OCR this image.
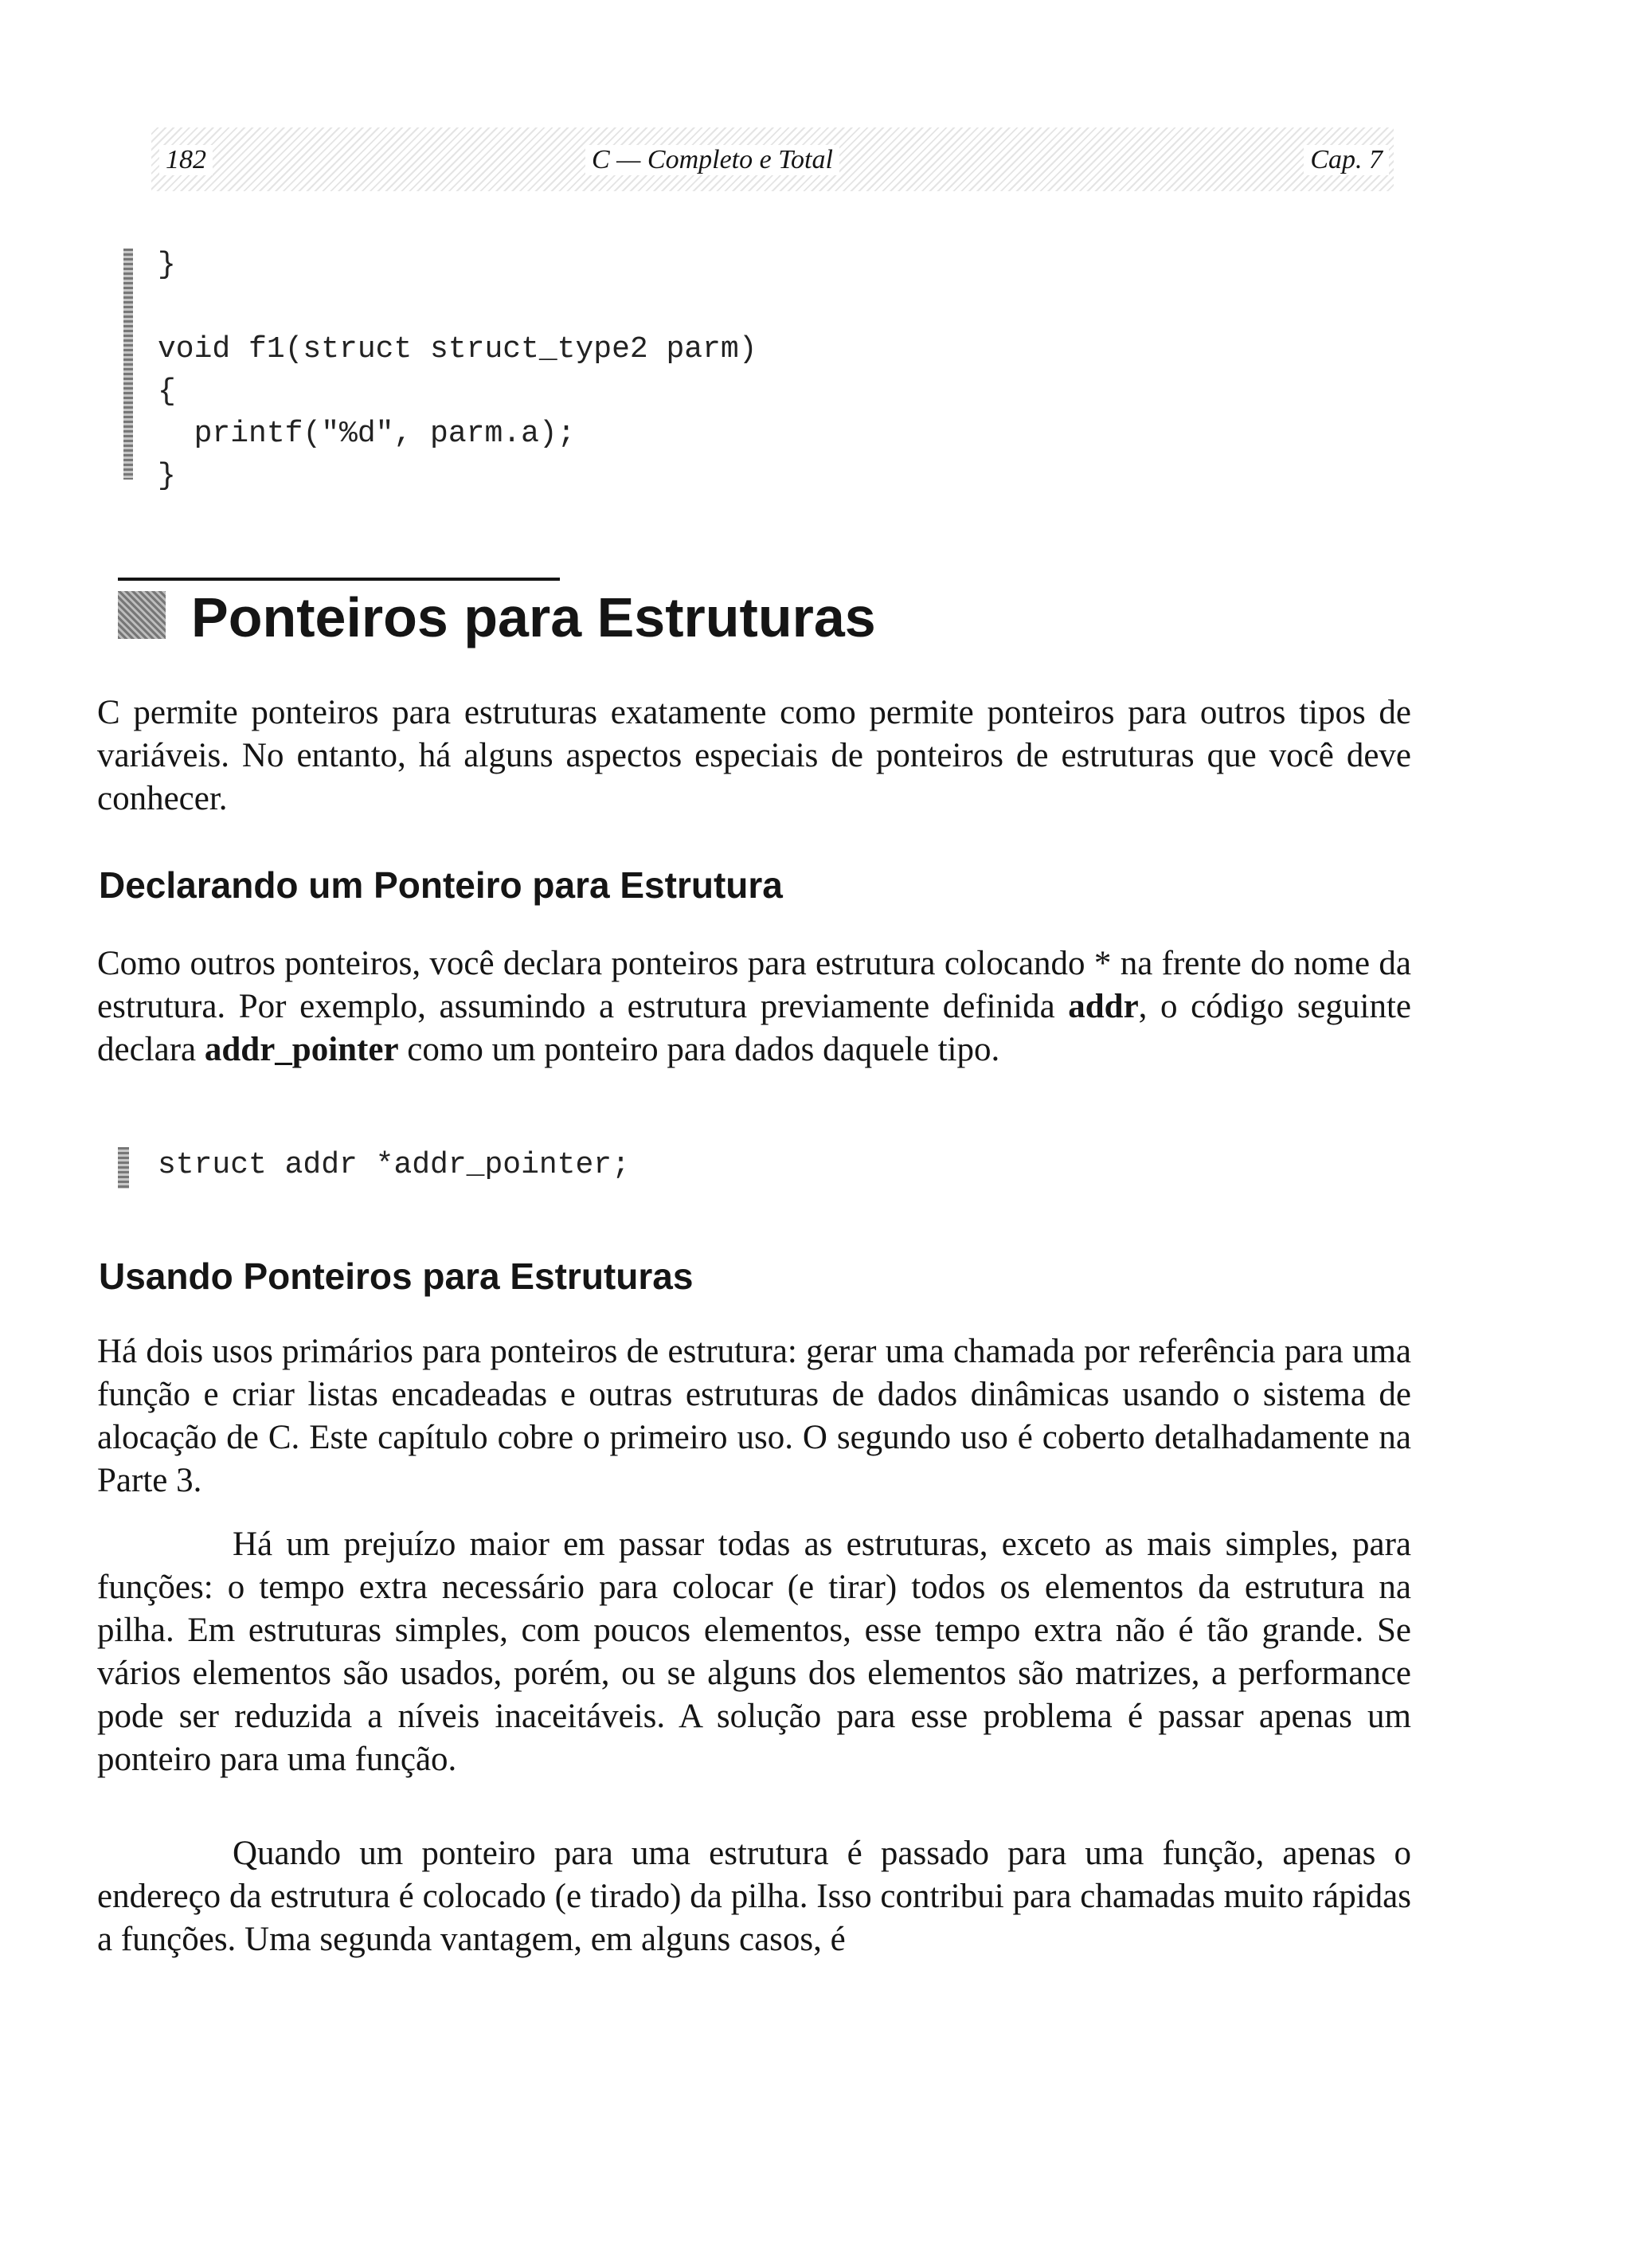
182	C — Completo e Total	Cap. 7
}

void f1(struct struct_type2 parm)
{
printf("%d", parm.a);
}
Ponteiros para Estruturas

C permite ponteiros para estruturas exatamente como permite ponteiros para outros tipos de variáveis. No entanto, há alguns aspectos especiais de ponteiros de estruturas que você deve conhecer.

Declarando um Ponteiro para Estrutura

Como outros ponteiros, você declara ponteiros para estrutura colocando * na frente do nome da estrutura. Por exemplo, assumindo a estrutura previamente definida addr, o código seguinte declara addr_pointer como um ponteiro para dados daquele tipo.

struct addr *addr_pointer;
Usando Ponteiros para Estruturas

Há dois usos primários para ponteiros de estrutura: gerar uma chamada por referência para uma função e criar listas encadeadas e outras estruturas de dados dinâmicas usando o sistema de alocação de C. Este capítulo cobre o primeiro uso. O segundo uso é coberto detalhadamente na Parte 3.

Há um prejuízo maior em passar todas as estruturas, exceto as mais simples, para funções: o tempo extra necessário para colocar (e tirar) todos os elementos da estrutura na pilha. Em estruturas simples, com poucos elementos, esse tempo extra não é tão grande. Se vários elementos são usados, porém, ou se alguns dos elementos são matrizes, a performance pode ser reduzida a níveis inaceitáveis. A solução para esse problema é passar apenas um ponteiro para uma função.

Quando um ponteiro para uma estrutura é passado para uma função, apenas o endereço da estrutura é colocado (e tirado) da pilha. Isso contribui para chamadas muito rápidas a funções. Uma segunda vantagem, em alguns casos, é
